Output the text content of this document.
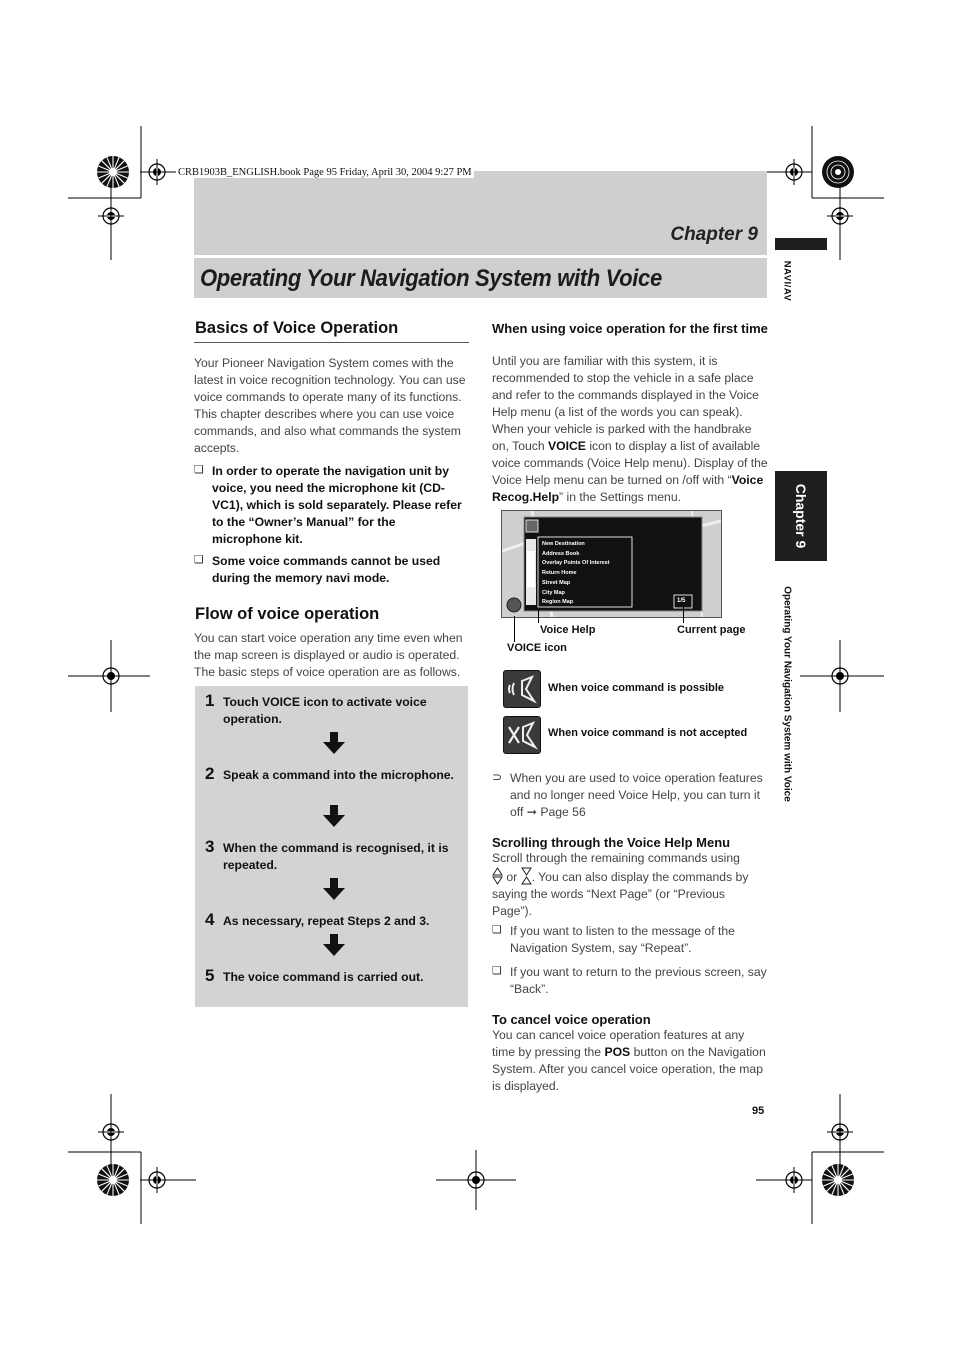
CRB1903B_ENGLISH.book Page 95 Friday, April 30, 2004 9:27 PM
Chapter 9
Operating Your Navigation System with Voice	NAVI/AV
Chapter 9
Operating Your Navigation System with Voice
Basics of Voice Operation
Your Pioneer Navigation System comes with the latest in voice recognition technology. You can use voice commands to operate many of its functions. This chapter describes where you can use voice commands, and also what commands the system accepts.
❏ In order to operate the navigation unit by voice, you need the microphone kit (CD-VC1), which is sold separately. Please refer to the “Owner’s Manual” for the microphone kit.
❏ Some voice commands cannot be used during the memory navi mode.
Flow of voice operation
You can start voice operation any time even when the map screen is displayed or audio is operated. The basic steps of voice operation are as follows.
1 Touch VOICE icon to activate voice operation.
2 Speak a command into the microphone.
3 When the command is recognised, it is repeated.
4 As necessary, repeat Steps 2 and 3.
5 The voice command is carried out.
When using voice operation for the first time
Until you are familiar with this system, it is recommended to stop the vehicle in a safe place and refer to the commands displayed in the Voice Help menu (a list of the words you can speak). When your vehicle is parked with the handbrake on, Touch VOICE icon to display a list of available voice commands (Voice Help menu). Display of the Voice Help menu can be turned on /off with “Voice Recog.Help” in the Settings menu.
New Destination
Address Book
Overlay Points Of Interest
Return Home
Street Map
City Map
Region Map	1/5
Voice Help	Current page
VOICE icon
When voice command is possible
When voice command is not accepted
⊃ When you are used to voice operation features and no longer need Voice Help, you can turn it off ➞ Page 56
Scrolling through the Voice Help Menu
Scroll through the remaining commands using
or . You can also display the commands by saying the words “Next Page” (or “Previous Page”).
❏ If you want to listen to the message of the Navigation System, say “Repeat”.
❏ If you want to return to the previous screen, say “Back”.
To cancel voice operation
You can cancel voice operation features at any time by pressing the POS button on the Navigation System. After you cancel voice operation, the map is displayed.
95
